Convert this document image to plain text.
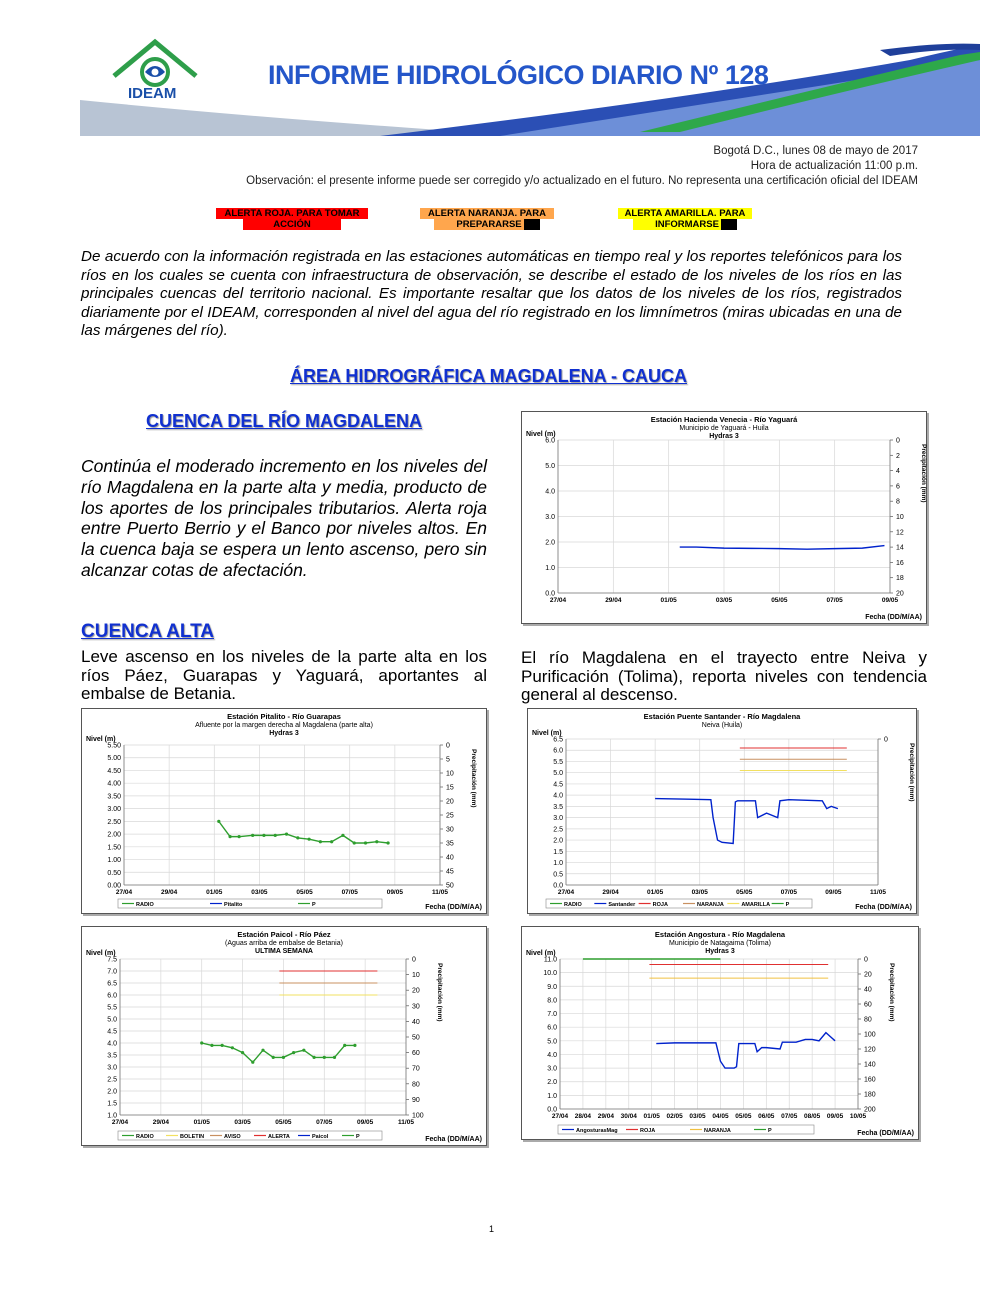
IDEAM
INFORME HIDROLÓGICO DIARIO Nº 128
Bogotá D.C., lunes 08 de mayo de 2017
Hora de actualización 11:00 p.m.
Observación: el presente informe puede ser corregido y/o actualizado en el futuro. No representa una certificación oficial del IDEAM
ALERTA ROJA. PARA TOMAR
ACCIÓN
ALERTA NARANJA. PARA
PREPARARSE
ALERTA AMARILLA. PARA
INFORMARSE
De acuerdo con la información registrada en las estaciones automáticas en tiempo real y los reportes telefónicos para los ríos en los cuales se cuenta con infraestructura de observación, se describe el estado de los niveles de los ríos en las principales cuencas del territorio nacional. Es importante resaltar que los datos de los niveles de los ríos, registrados diariamente por el IDEAM, corresponden al nivel del agua del río registrado en los limnímetros (miras ubicadas en una de las márgenes del río).
ÁREA HIDROGRÁFICA MAGDALENA - CAUCA
CUENCA DEL RÍO MAGDALENA
Continúa el moderado incremento en los niveles del río Magdalena en la parte alta y media, producto de los aportes de los principales tributarios. Alerta roja entre Puerto Berrio y el Banco por niveles altos. En la cuenca baja se espera un lento ascenso, pero sin alcanzar cotas de afectación.
CUENCA ALTA
Leve ascenso en los niveles de la parte alta en los ríos Páez, Guarapas y Yaguará, aportantes al embalse de Betania.
El río Magdalena en el trayecto entre Neiva y Purificación (Tolima), reporta niveles con tendencia general al descenso.
Estación Hacienda Venecia - Río Yaguará
Municipio de Yaguará - Huila
Hydras 3
Nivel (m)
Precipitación (mm)
0.0
1.0
2.0
3.0
4.0
5.0
6.0
27/04	29/04	01/05	03/05	05/05	07/05	09/05
0
2
4
6
8
10
12
14
16
18
20
Fecha (DD/M/AA)
Estación Pitalito - Río Guarapas
Afluente por la margen derecha al Magdalena (parte alta)
Hydras 3
Nivel (m)
Precipitación (mm)
0.00
0.50
1.00
1.50
2.00
2.50
3.00
3.50
4.00
4.50
5.00
5.50
27/04	29/04	01/05	03/05	05/05	07/05	09/05	11/05
0
5
10
15
20
25
30
35
40
45
50
Fecha (DD/M/AA)
RADIO	Pitalito	P
Estación Puente Santander - Río Magdalena
Neiva (Huila)
Nivel (m)
Precipitación (mm)
0.0
0.5
1.0
1.5
2.0
2.5
3.0
3.5
4.0
4.5
5.0
5.5
6.0
6.5
27/04	29/04	01/05	03/05	05/05	07/05	09/05	11/05
0
Fecha (DD/M/AA)
RADIO	Santander	ROJA	NARANJA	AMARILLA	P
Estación Paicol - Río Páez
(Aguas arriba de embalse de Betania)
ULTIMA SEMANA
Nivel (m)
Precipitación (mm)
1.0
1.5
2.0
2.5
3.0
3.5
4.0
4.5
5.0
5.5
6.0
6.5
7.0
7.5
27/04	29/04	01/05	03/05	05/05	07/05	09/05	11/05
0
10
20
30
40
50
60
70
80
90
100
Fecha (DD/M/AA)
RADIO	BOLETIN	AVISO	ALERTA	Paicol	P
Estación Angostura - Río Magdalena
Municipio de Natagaima (Tolima)
Hydras 3
Nivel (m)
Precipitación (mm)
0.0
1.0
2.0
3.0
4.0
5.0
6.0
7.0
8.0
9.0
10.0
11.0
27/04 28/04 29/04 30/04 01/05 02/05 03/05 04/05 05/05 06/05 07/05 08/05 09/05 10/05
0
20
40
60
80
100
120
140
160
180
200
Fecha (DD/M/AA)
AngosturasMag	ROJA	NARANJA	P
1
